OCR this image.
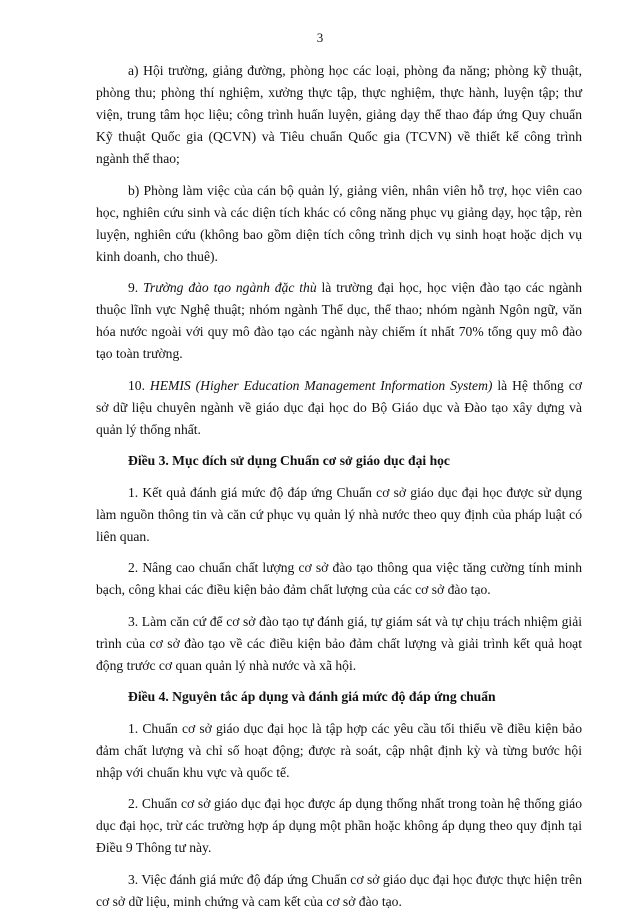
3

a) Hội trường, giảng đường, phòng học các loại, phòng đa năng; phòng kỹ thuật, phòng thu; phòng thí nghiệm, xưởng thực tập, thực nghiệm, thực hành, luyện tập; thư viện, trung tâm học liệu; công trình huấn luyện, giảng dạy thể thao đáp ứng Quy chuẩn Kỹ thuật Quốc gia (QCVN) và Tiêu chuẩn Quốc gia (TCVN) về thiết kế công trình ngành thể thao;

b) Phòng làm việc của cán bộ quản lý, giảng viên, nhân viên hỗ trợ, học viên cao học, nghiên cứu sinh và các diện tích khác có công năng phục vụ giảng dạy, học tập, rèn luyện, nghiên cứu (không bao gồm diện tích công trình dịch vụ sinh hoạt hoặc dịch vụ kinh doanh, cho thuê).

9. Trường đào tạo ngành đặc thù là trường đại học, học viện đào tạo các ngành thuộc lĩnh vực Nghệ thuật; nhóm ngành Thể dục, thể thao; nhóm ngành Ngôn ngữ, văn hóa nước ngoài với quy mô đào tạo các ngành này chiếm ít nhất 70% tổng quy mô đào tạo toàn trường.

10. HEMIS (Higher Education Management Information System) là Hệ thống cơ sở dữ liệu chuyên ngành về giáo dục đại học do Bộ Giáo dục và Đào tạo xây dựng và quản lý thống nhất.

Điều 3. Mục đích sử dụng Chuẩn cơ sở giáo dục đại học

1. Kết quả đánh giá mức độ đáp ứng Chuẩn cơ sở giáo dục đại học được sử dụng làm nguồn thông tin và căn cứ phục vụ quản lý nhà nước theo quy định của pháp luật có liên quan.

2. Nâng cao chuẩn chất lượng cơ sở đào tạo thông qua việc tăng cường tính minh bạch, công khai các điều kiện bảo đảm chất lượng của các cơ sở đào tạo.

3. Làm căn cứ để cơ sở đào tạo tự đánh giá, tự giám sát và tự chịu trách nhiệm giải trình của cơ sở đào tạo về các điều kiện bảo đảm chất lượng và giải trình kết quả hoạt động trước cơ quan quản lý nhà nước và xã hội.

Điều 4. Nguyên tắc áp dụng và đánh giá mức độ đáp ứng chuẩn

1. Chuẩn cơ sở giáo dục đại học là tập hợp các yêu cầu tối thiểu về điều kiện bảo đảm chất lượng và chỉ số hoạt động; được rà soát, cập nhật định kỳ và từng bước hội nhập với chuẩn khu vực và quốc tế.

2. Chuẩn cơ sở giáo dục đại học được áp dụng thống nhất trong toàn hệ thống giáo dục đại học, trừ các trường hợp áp dụng một phần hoặc không áp dụng theo quy định tại Điều 9 Thông tư này.

3. Việc đánh giá mức độ đáp ứng Chuẩn cơ sở giáo dục đại học được thực hiện trên cơ sở dữ liệu, minh chứng và cam kết của cơ sở đào tạo.
